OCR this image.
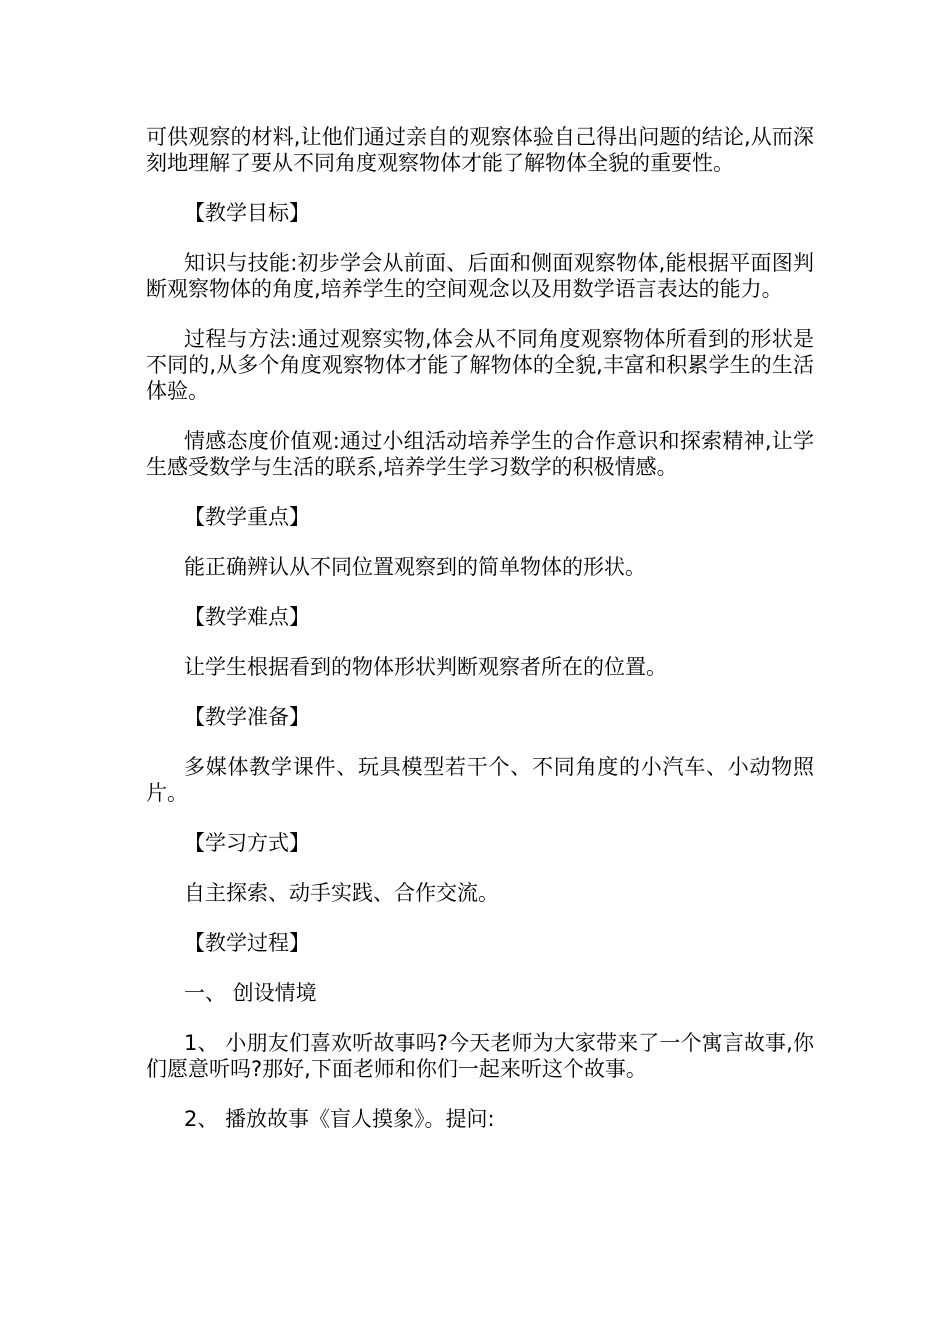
可供观察的材料,让他们通过亲自的观察体验自己得出问题的结论,从而深刻地理解了要从不同角度观察物体才能了解物体全貌的重要性。

【教学目标】

知识与技能:初步学会从前面、后面和侧面观察物体,能根据平面图判断观察物体的角度,培养学生的空间观念以及用数学语言表达的能力。

过程与方法:通过观察实物,体会从不同角度观察物体所看到的形状是不同的,从多个角度观察物体才能了解物体的全貌,丰富和积累学生的生活体验。

情感态度价值观:通过小组活动培养学生的合作意识和探索精神,让学生感受数学与生活的联系,培养学生学习数学的积极情感。

【教学重点】

能正确辨认从不同位置观察到的简单物体的形状。

【教学难点】

让学生根据看到的物体形状判断观察者所在的位置。

【教学准备】

多媒体教学课件、玩具模型若干个、不同角度的小汽车、小动物照片。

【学习方式】

自主探索、动手实践、合作交流。

【教学过程】

一、 创设情境

1、 小朋友们喜欢听故事吗?今天老师为大家带来了一个寓言故事,你们愿意听吗?那好,下面老师和你们一起来听这个故事。

2、 播放故事《盲人摸象》。提问:
